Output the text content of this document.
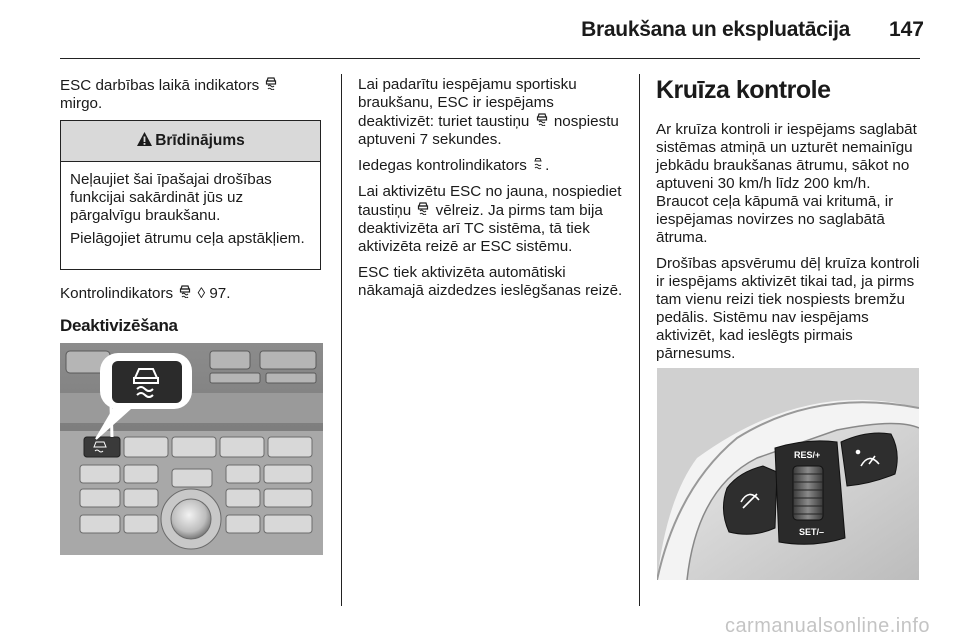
Braukšana un ekspluatācija	147

ESC darbības laikā indikators
mirgo.

Brīdinājums

Neļaujiet šai īpašajai drošības funkcijai sakārdināt jūs uz pārgalvīgu braukšanu.

Pielāgojiet ātrumu ceļa apstākļiem.

Kontrolindikators ◊ 97.

Deaktivizēšana

Lai padarītu iespējamu sportisku braukšanu, ESC ir iespējams deaktivizēt: turiet taustiņu nospiestu aptuveni 7 sekundes.

Iedegas kontrolindikators .

Lai aktivizētu ESC no jauna, nospiediet taustiņu vēlreiz. Ja pirms tam bija deaktivizēta arī TC sistēma, tā tiek aktivizēta reizē ar ESC sistēmu.

ESC tiek aktivizēta automātiski nākamajā aizdedzes ieslēgšanas reizē.

Kruīza kontrole

Ar kruīza kontroli ir iespējams saglabāt sistēmas atmiņā un uzturēt nemainīgu jebkādu braukšanas ātrumu, sākot no aptuveni 30 km/h līdz 200 km/h. Braucot ceļa kāpumā vai kritumā, ir iespējamas novirzes no saglabātā ātruma.

Drošības apsvērumu dēļ kruīza kontroli ir iespējams aktivizēt tikai tad, ja pirms tam vienu reizi tiek nospiests bremžu pedālis. Sistēmu nav iespējams aktivizēt, kad ieslēgts pirmais pārnesums.

RES/+
SET/–
carmanualsonline.info
